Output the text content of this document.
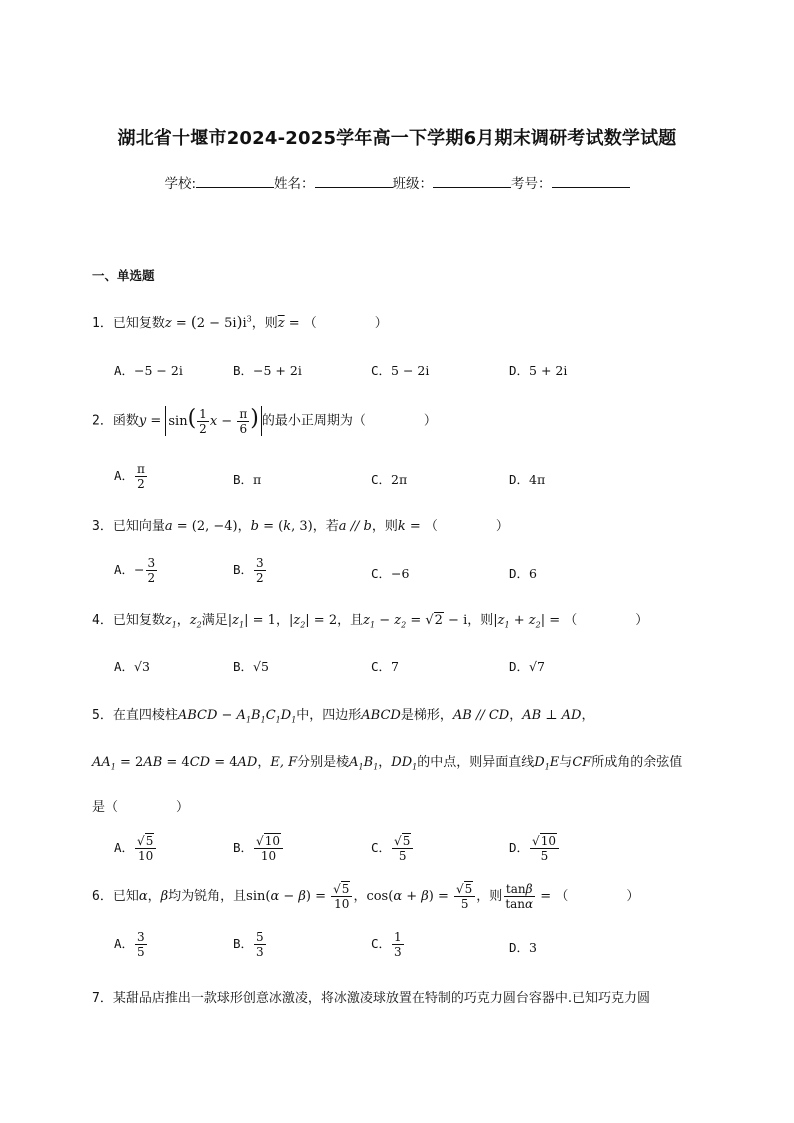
湖北省十堰市2024-2025学年高一下学期6月期末调研考试数学试题
学校:	姓名：	班级：	考号：
一、单选题
1．已知复数$z = (2 - 5i)i^3$，则$\overline{z}$ = （	）
A．−5 − 2i	B．−5 + 2i	C．5 − 2i	D．5 + 2i
2．函数$y = \sin( \frac{1}{2}$ $x - \frac{\pi}{6}$ ) 的最小正周期为（	）
A． $\frac{\pi}{2}$	B．π	C．2π	D．4π
3．已知向量a = (2, −4)，b = (k, 3)，若a // b，则k = （	）
A．− $\frac{3}{2}$	B． $\frac{3}{2}$	C．−6	D．6
4．已知复数$z_1$，$z_2$满足$|z_1| = 1$，$|z_2| = 2$，且$z_1 - z_2 = √2 - i$，则$|z_1 + z_2|$ = （	）
A．√3	B．√5	C．7	D．√7
5．在直四棱柱ABCD − $A_1B_1C_1D_1$中，四边形ABCD是梯形，AB // CD，AB ⊥ AD，
$AA_1 = 2AB = 4CD = 4AD$，E, F分别是棱$A_1B_1$，$DD_1$的中点，则异面直线$D_1E$与CF所成角的余弦值
是（	）
A． $\frac{√5}{10}$	B． $\frac{√10}{10}$	C． $\frac{√5}{5}$	D． $\frac{√10}{5}$
6．已知α，β均为锐角，且$\sin(\alpha - \beta) = \frac{√5}{10}$ ，$\cos(\alpha + \beta) = \frac{√5}{5}$ ，则 $\frac{\tan\beta}{\tan\alpha}$ = （	）
A． $\frac{3}{5}$	B． $\frac{5}{3}$	C． $\frac{1}{3}$	D．3
7．某甜品店推出一款球形创意冰激凌，将冰激凌球放置在特制的巧克力圆台容器中.已知巧克力圆
